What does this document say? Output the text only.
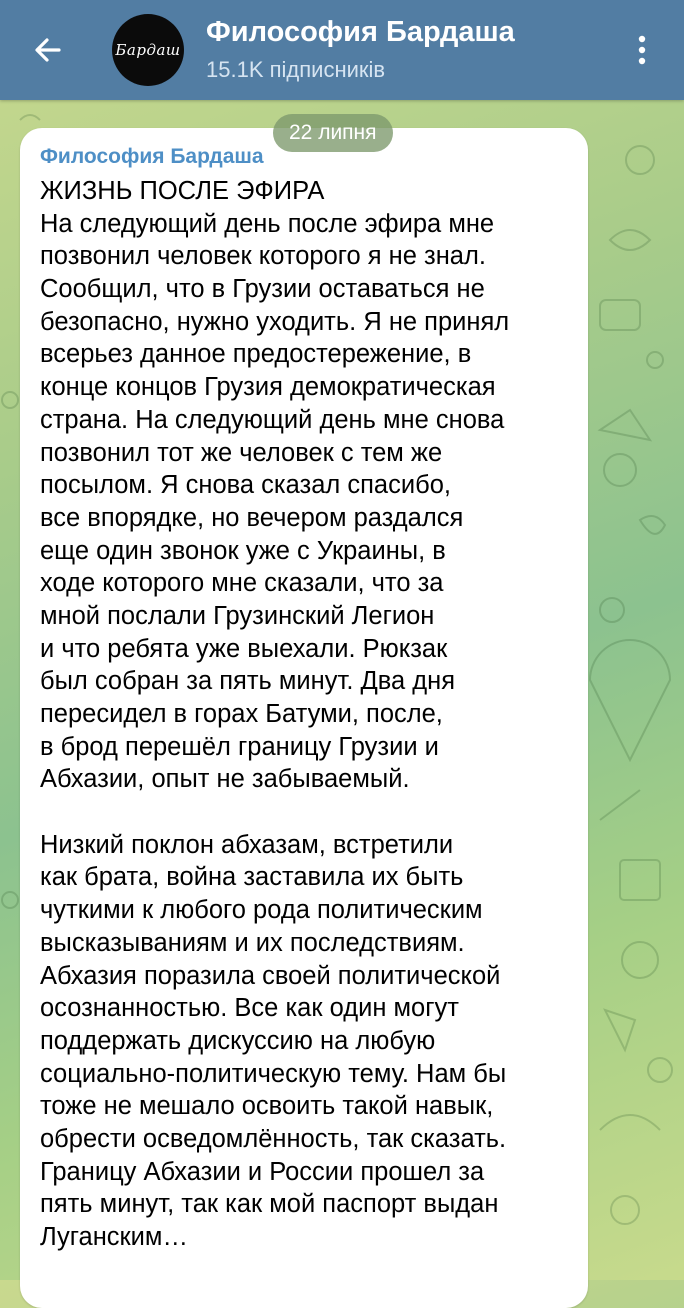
Бардаш
Философия Бардаша
15.1K підписників
22 липня
Философия Бардаша
ЖИЗНЬ ПОСЛЕ ЭФИРА
На следующий день после эфира мне
позвонил человек которого я не знал.
Сообщил, что в Грузии оставаться не
безопасно, нужно уходить. Я не принял
всерьез данное предостережение, в
конце концов Грузия демократическая
страна. На следующий день мне снова
позвонил тот же человек с тем же
посылом. Я снова сказал спасибо,
все впорядке, но вечером раздался
еще один звонок уже с Украины, в
ходе которого мне сказали, что за
мной послали Грузинский Легион
и что ребята уже выехали. Рюкзак
был собран за пять минут. Два дня
пересидел в горах Батуми, после,
в брод перешёл границу Грузии и
Абхазии, опыт не забываемый.
Низкий поклон абхазам, встретили
как брата, война заставила их быть
чуткими к любого рода политическим
высказываниям и их последствиям.
Абхазия поразила своей политической
осознанностью. Все как один могут
поддержать дискуссию на любую
социально-политическую тему. Нам бы
тоже не мешало освоить такой навык,
обрести осведомлённость, так сказать.
Границу Абхазии и России прошел за
пять минут, так как мой паспорт выдан
Луганским…
